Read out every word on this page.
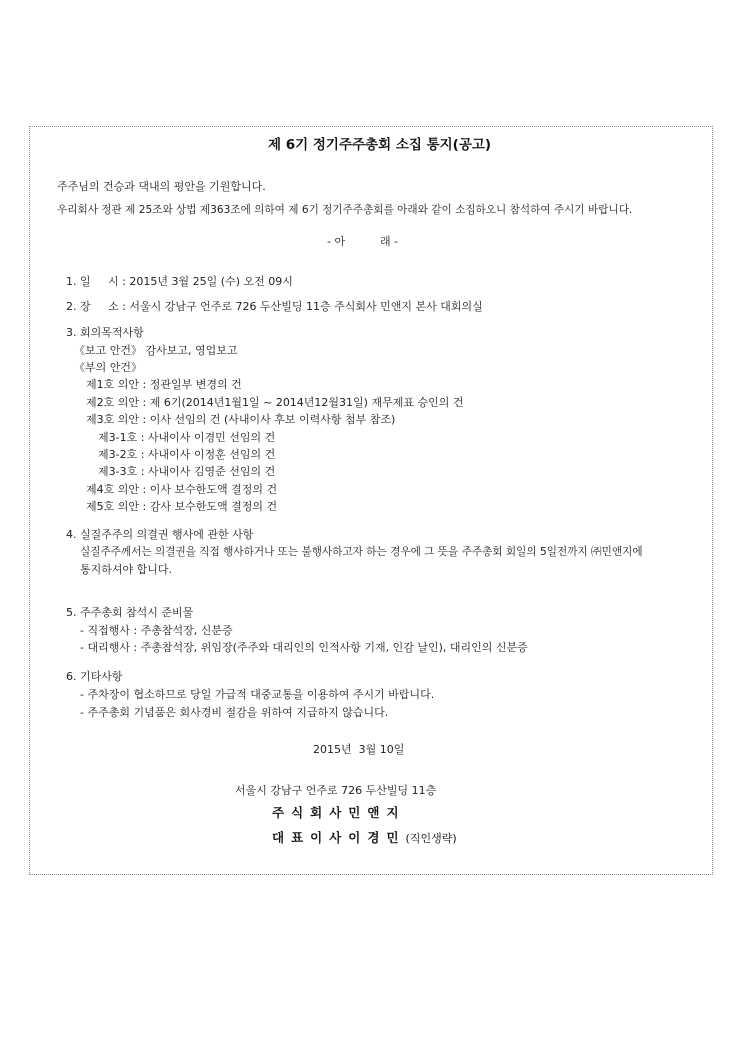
제 6기 정기주주총회 소집 통지(공고)
주주님의 건승과 댁내의 평안을 기원합니다.
우리회사 정관 제 25조와 상법 제363조에 의하여 제 6기 정기주주총회를 아래와 같이 소집하오니 참석하여 주시기 바랍니다.
- 아          래 -
1. 일     시 : 2015년 3월 25일 (수) 오전 09시
2. 장     소 : 서울시 강남구 언주로 726 두산빌딩 11층 주식회사 민앤지 본사 대회의실
3. 회의목적사항
《보고 안건》 감사보고, 영업보고
《부의 안건》
제1호 의안 : 정관일부 변경의 건
제2호 의안 : 제 6기(2014년1월1일 ~ 2014년12월31일) 재무제표 승인의 건
제3호 의안 : 이사 선임의 건 (사내이사 후보 이력사항 첨부 참조)
제3-1호 : 사내이사 이경민 선임의 건
제3-2호 : 사내이사 이정훈 선임의 건
제3-3호 : 사내이사 김영준 선임의 건
제4호 의안 : 이사 보수한도액 결정의 건
제5호 의안 : 감사 보수한도액 결정의 건
4. 실질주주의 의결권 행사에 관한 사항
실질주주께서는 의결권을 직접 행사하거나 또는 불행사하고자 하는 경우에 그 뜻을 주주총회 회일의 5일전까지 ㈜민앤지에
통지하셔야 합니다.
5. 주주총회 참석시 준비물
- 직접행사 : 주총참석장, 신분증
- 대리행사 : 주총참석장, 위임장(주주와 대리인의 인적사항 기재, 인감 날인), 대리인의 신분증
6. 기타사항
- 주차장이 협소하므로 당일 가급적 대중교통을 이용하여 주시기 바랍니다.
- 주주총회 기념품은 회사경비 절감을 위하여 지급하지 않습니다.
2015년  3월 10일
서울시 강남구 언주로 726 두산빌딩 11층
주식회사민앤지
대표이사이경민(직인생략)
